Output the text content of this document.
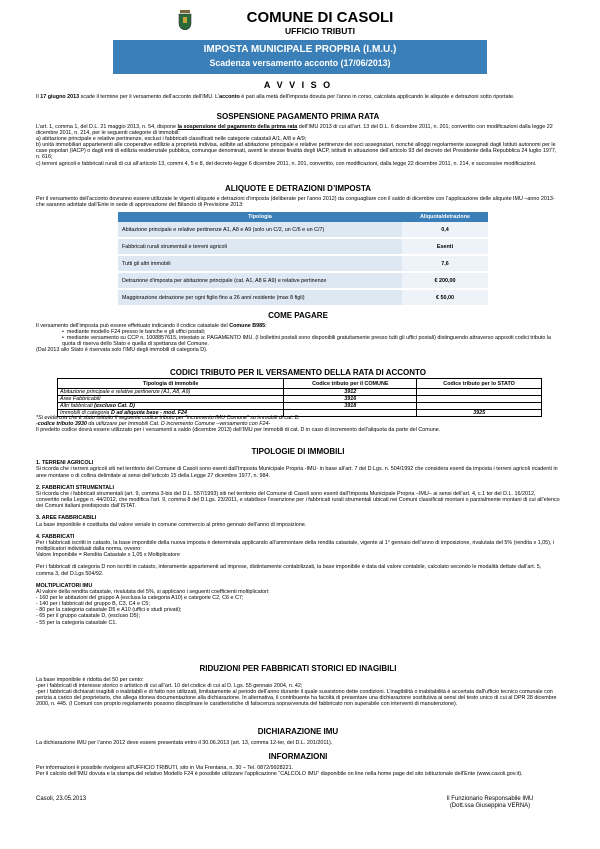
COMUNE DI CASOLI
UFFICIO TRIBUTI
IMPOSTA MUNICIPALE PROPRIA (I.M.U.)
Scadenza versamento acconto (17/06/2013)
A V V I S O

Il 17 giugno 2013 scade il termine per il versamento dell’acconto dell’IMU. L’acconto è pari alla metà dell’imposta dovuta per l’anno in corso, calcolata applicando le aliquote e detrazioni sotto riportate.

SOSPENSIONE PAGAMENTO PRIMA RATA

L’art. 1, comma 1, del D.L. 21 maggio 2013, n. 54, dispone la sospensione del pagamento della prima rata dell’IMU 2013 di cui all’art. 13 del D.L. 6 dicembre 2011, n. 201, convertito con modificazioni dalla legge 22 dicembre 2011, n. 214, per le seguenti categorie di immobili:

a) abitazione principale e relative pertinenze, esclusi i fabbricati classificati nelle categorie catastali A/1, A/8 e A/9;

b) unità immobiliari appartenenti alle cooperative edilizie a proprietà indivisa, adibite ad abitazione principale e relative pertinenze dei soci assegnatari, nonché alloggi regolarmente assegnati dagli Istituti autonomi per le case popolari (IACP) o dagli enti di edilizia residenziale pubblica, comunque denominati, aventi le stesse finalità degli IACP, istituiti in attuazione dell’articolo 93 del decreto del Presidente della Repubblica 24 luglio 1977, n. 616;

c) terreni agricoli e fabbricati rurali di cui all’articolo 13, commi 4, 5 e 8, del decreto-legge 6 dicembre 2011, n. 201, convertito, con modificazioni, dalla legge 22 dicembre 2011, n. 214, e successive modificazioni.

ALIQUOTE E DETRAZIONI D’IMPOSTA

Per il versamento dell’acconto dovranno essere utilizzate le vigenti aliquote e detrazioni d’imposta (deliberate per l’anno 2012) da conguagliare con il saldo di dicembre con l’applicazione delle aliquote IMU –anno 2013- che saranno adottate dall’Ente in sede di approvazione del Bilancio di Previsione 2013:

Tipologia	Aliquota/detrazione
Abitazione principale e relative pertinenze A1, A8 e A9 (solo un C/2, un C/6 e un C/7)	0,4
Fabbricati rurali strumentali e terreni agricoli	Esenti
Tutti gli altri immobili	7,6
Detrazione d’imposta per abitazione principale (cat. A1, A8 E A9) e relative pertinenze	€ 200,00
Maggiorazione detrazione per ogni figlio fino a 26 anni residente (max 8 figli)	€ 50,00
COME PAGARE

Il versamento dell’imposta può essere effettuato indicando il codice catastale del Comune B985:

•  mediante modello F24 presso le banche e gli uffici postali;

•  mediante versamento su CCP n. 1008857615, intestato a: PAGAMENTO IMU. (I bollettini postali sono disponibili gratuitamente presso tutti gli uffici postali) distinguendo attraverso appositi codici tributo la quota di riserva dello Stato e quella di spettanza del Comune.

(Dal 2013 allo Stato è riservata solo l’IMU degli immobili di categoria D).

CODICI TRIBUTO PER IL VERSAMENTO DELLA RATA DI ACCONTO
Tipologia di immobile	Codice tributo per il COMUNE	Codice tributo per lo STATO
Abitazione principale e relative pertinenze (A1, A8, A9)	3912	
Aree Fabbricabili	3916	
Altri fabbricati (escluso Cat. D)	3918	
Immobili di categoria D ad aliquota base - mod. F24		3925

*Si evidenzia che è stato istituito il seguente codice tributo per “incremento IMU Comune” su immobili di cat. D:

-codice tributo 3930 da utilizzare per Immobili Cat. D incremento Comune –versamento con F24-

Il predetto codice dovrà essere utilizzato per i versamenti a saldo (dicembre 2013) dell’IMU per immobili di cat. D in caso di incremento dell’aliquota da parte del Comune.

TIPOLOGIE DI IMMOBILI

1. TERRENI AGRICOLI

Si ricorda che i terreni agricoli siti nel territorio del Comune di Casoli sono esenti dall’Imposta Municipale Propria -IMU- in base all’art. 7 del D.Lgs. n. 504/1992 che considera esenti da imposta i terreni agricoli ricadenti in aree montane o di collina delimitate ai sensi dell’articolo 15 della Legge 27 dicembre 1977, n. 984.

2. FABBRICATI STRUMENTALI

Si ricorda che i fabbricati strumentali (art. 9, comma 3-bis del D.L. 557/1993) siti nel territorio del Comune di Casoli sono esenti dall’Imposta Municipale Propria –IMU– ai sensi dell’art. 4, c.1 ter del D.L. 16/2012, convertito nella Legge n. 44/2012, che modifica l’art. 9, comma 8 del D.Lgs. 23/2011, e stabilisce l’esenzione per i fabbricati rurali strumentali ubicati nei Comuni classificati montani o parzialmente montani di cui all’elenco dei Comuni italiani predisposto dall’ISTAT.

3. AREE FABBRICABILI

La base imponibile è costituita dal valore venale in comune commercio al primo gennaio dell’anno di imposizione.

4. FABBRICATI

Per i fabbricati iscritti in catasto, la base imponibile della nuova imposta è determinata applicando all’ammontare della rendita catastale, vigente al 1° gennaio dell’anno di imposizione, rivalutata del 5% (rendita x 1,05), i moltiplicatori individuati dalla norma, ovvero:

Valore Imponibile = Rendita Catastale x 1,05 x Moltiplicatore

Per i fabbricati di categoria D non iscritti in catasto, interamente appartenenti ad imprese, distintamente contabilizzati, la base imponibile è data dal valore contabile, calcolato secondo le modalità dettate dall’art. 5, comma 3, del D.Lgs 504/92.

MOLTIPLICATORI IMU

Al valore della rendita catastale, rivalutata del 5%, si applicano i seguenti coefficienti moltiplicatori:

- 160 per le abitazioni del gruppo A (esclusa la categoria A10) e categorie C2, C6 e C7;

- 140 per i fabbricati del gruppo B, C3, C4 e C5;

- 80 per la categoria catastale D5 e A10 (uffici e studi privati);

- 65 per il gruppo catastale D, (escluso D5);

- 55 per la categoria catastale C1.

RIDUZIONI PER FABBRICATI STORICI ED INAGIBILI

La base imponibile è ridotta del 50 per cento:

-per i fabbricati di interesse storico o artistico di cui all’art. 10 del codice di cui al D. Lgs. 55 gennaio 2004, n. 42;

-per i fabbricati dichiarati inagibili o inabitabili e di fatto non utilizzati, limitatamente al periodo dell’anno durante il quale sussistono dette condizioni. L’inagibilità o inabitabilità è accertata dall’ufficio tecnico comunale con perizia a carico del proprietario, che allega idonea documentazione alla dichiarazione. In alternativa, il contribuente ha facoltà di presentare una dichiarazione sostitutiva ai sensi del testo unico di cui al DPR 28 dicembre 2000, n. 445. (I Comuni con proprio regolamento possono disciplinare le caratteristiche di fatiscenza sopravvenuta del fabbricato non superabile con interventi di manutenzione).

DICHIARAZIONE IMU

La dichiarazione IMU per l’anno 2012 deve essere presentata entro il 30.06.2013 (art. 13, comma 12-ter, del D.L. 201/2011).

INFORMAZIONI

Per informazioni è possibile rivolgersi all’UFFICIO TRIBUTI, sito in Via Frentana, n. 30 – Tel. 0872/9928221.

Per il calcolo dell’IMU dovuta e la stampa del relativo Modello F24 è possibile utilizzare l’applicazione “CALCOLO IMU” disponibile on line nella home page del sito istituzionale dell’Ente (www.casoli.gov.it).

Casoli, 23.05.2013	Il Funzionario Responsabile IMU
(Dott.ssa Giuseppina VERNA)
